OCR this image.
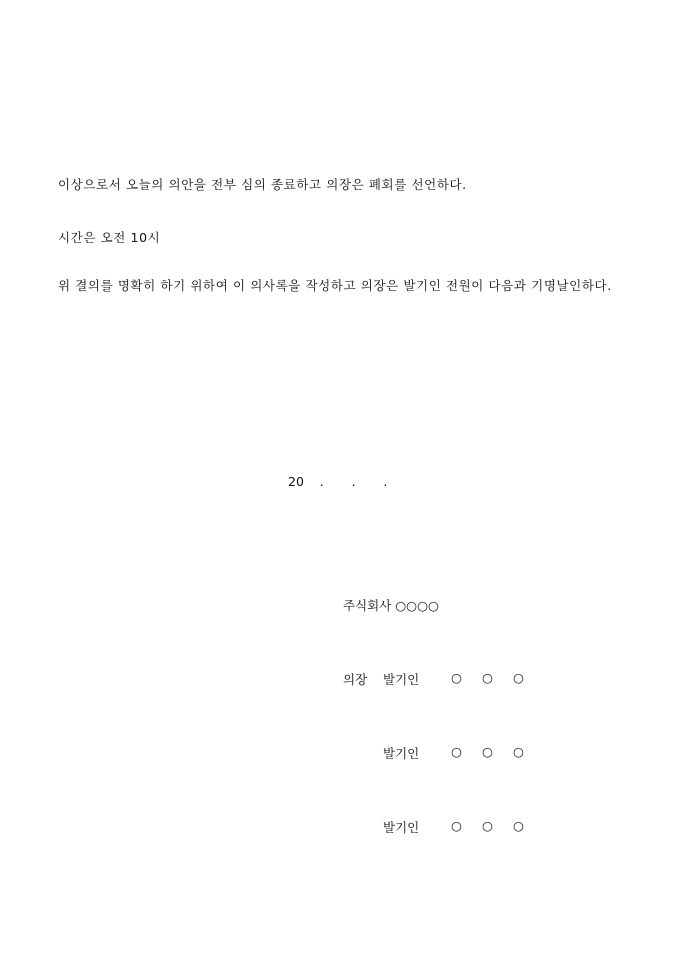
이상으로서 오늘의 의안을 전부 심의 종료하고 의장은 폐회를 선언하다.
시간은 오전 10시
위 결의를 명확히 하기 위하여 이 의사록을 작성하고 의장은 발기인 전원이 다음과 기명날인하다.
20    .       .       .
주식회사 ○○○○
의장 발기인	○ ○ ○
발기인	○ ○ ○
발기인	○ ○ ○
